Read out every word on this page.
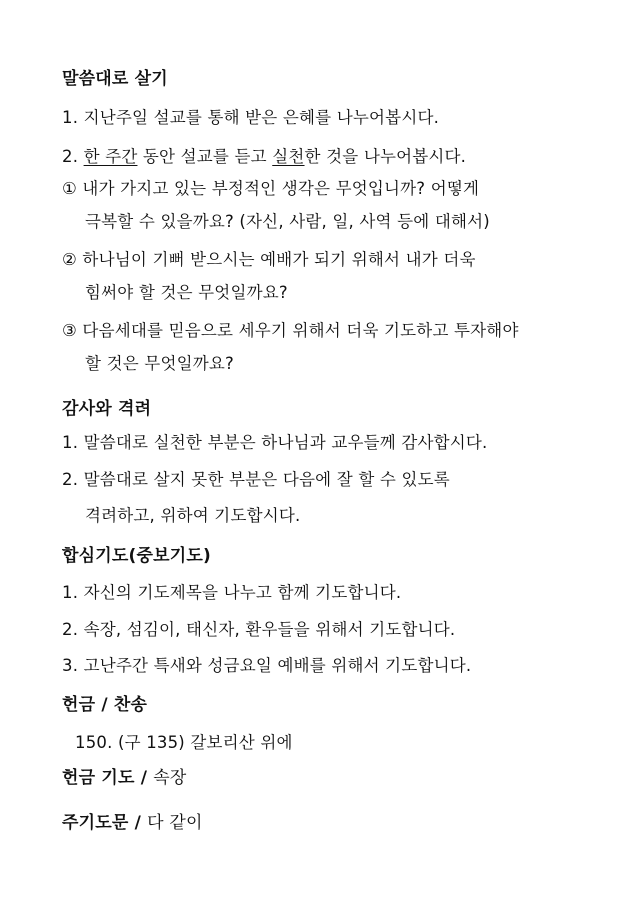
말씀대로 살기
1. 지난주일 설교를 통해 받은 은혜를 나누어봅시다.
2. 한 주간 동안 설교를 듣고 실천한 것을 나누어봅시다.
① 내가 가지고 있는 부정적인 생각은 무엇입니까? 어떻게
극복할 수 있을까요? (자신, 사람, 일, 사역 등에 대해서)
② 하나님이 기뻐 받으시는 예배가 되기 위해서 내가 더욱
힘써야 할 것은 무엇일까요?
③ 다음세대를 믿음으로 세우기 위해서 더욱 기도하고 투자해야
할 것은 무엇일까요?
감사와 격려
1. 말씀대로 실천한 부분은 하나님과 교우들께 감사합시다.
2. 말씀대로 살지 못한 부분은 다음에 잘 할 수 있도록
격려하고, 위하여 기도합시다.
합심기도(중보기도)
1. 자신의 기도제목을 나누고 함께 기도합니다.
2. 속장, 섬김이, 태신자, 환우들을 위해서 기도합니다.
3. 고난주간 특새와 성금요일 예배를 위해서 기도합니다.
헌금 / 찬송
150. (구 135) 갈보리산 위에
헌금 기도 / 속장
주기도문 / 다 같이
